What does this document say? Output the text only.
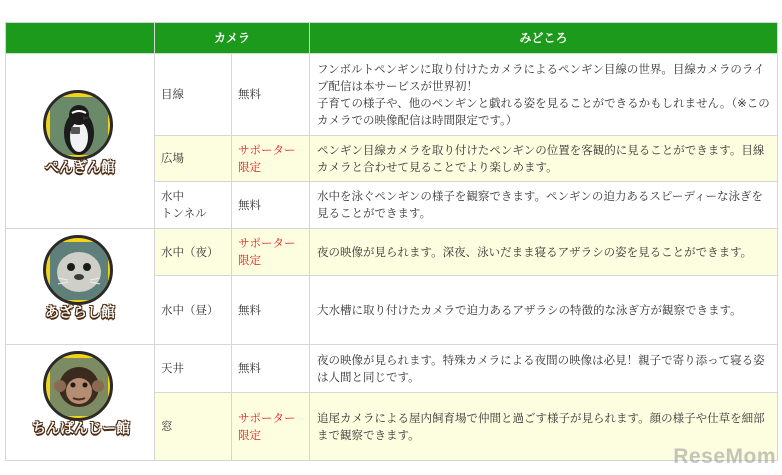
	カメラ		みどころ

ぺんぎん館	目線	無料	フンボルトペンギンに取り付けたカメラによるペンギン目線の世界。目線カメラのライブ配信は本サービスが世界初！
子育ての様子や、他のペンギンと戯れる姿を見ることができるかもしれません。（※このカメラでの映像配信は時間限定です。）
	広場	サポーター限定	ペンギン目線カメラを取り付けたペンギンの位置を客観的に見ることができます。目線カメラと合わせて見ることでより楽しめます。
	水中
トンネル	無料	水中を泳ぐペンギンの様子を観察できます。ペンギンの迫力あるスピーディーな泳ぎを見ることができます。

あざらし館	水中（夜）	サポーター限定	夜の映像が見られます。深夜、泳いだまま寝るアザラシの姿を見ることができます。
	水中（昼）	無料	大水槽に取り付けたカメラで迫力あるアザラシの特徴的な泳ぎ方が観察できます。

ちんぱんじー館	天井	無料	夜の映像が見られます。特殊カメラによる夜間の映像は必見！親子で寄り添って寝る姿は人間と同じです。
	窓	サポーター限定	追尾カメラによる屋内飼育場で仲間と過ごす様子が見られます。顔の様子や仕草を細部まで観察できます。
ReseMom
